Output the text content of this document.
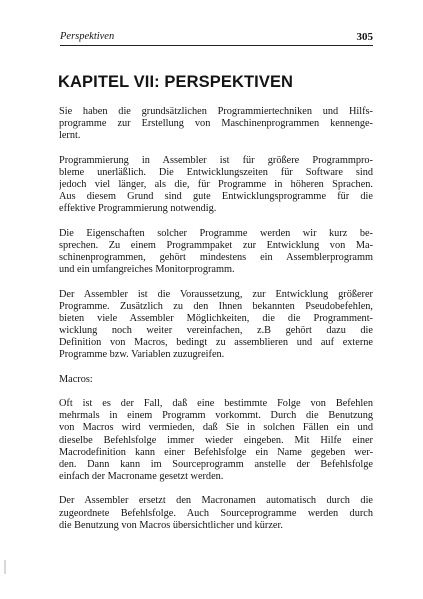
Perspektiven	305
KAPITEL VII: PERSPEKTIVEN

Sie haben die grundsätzlichen Programmiertechniken und Hilfs-
programme zur Erstellung von Maschinenprogrammen kennenge-
lernt.

Programmierung in Assembler ist für größere Programmpro-
bleme unerläßlich. Die Entwicklungszeiten für Software sind
jedoch viel länger, als die, für Programme in höheren Sprachen.
Aus diesem Grund sind gute Entwicklungsprogramme für die
effektive Programmierung notwendig.

Die Eigenschaften solcher Programme werden wir kurz be-
sprechen. Zu einem Programmpaket zur Entwicklung von Ma-
schinenprogrammen, gehört mindestens ein Assemblerprogramm
und ein umfangreiches Monitorprogramm.

Der Assembler ist die Voraussetzung, zur Entwicklung größerer
Programme. Zusätzlich zu den Ihnen bekannten Pseudobefehlen,
bieten viele Assembler Möglichkeiten, die die Programment-
wicklung noch weiter vereinfachen, z.B gehört dazu die
Definition von Macros, bedingt zu assemblieren und auf externe
Programme bzw. Variablen zuzugreifen.

Macros:

Oft ist es der Fall, daß eine bestimmte Folge von Befehlen
mehrmals in einem Programm vorkommt. Durch die Benutzung
von Macros wird vermieden, daß Sie in solchen Fällen ein und
dieselbe Befehlsfolge immer wieder eingeben. Mit Hilfe einer
Macrodefinition kann einer Befehlsfolge ein Name gegeben wer-
den. Dann kann im Sourceprogramm anstelle der Befehlsfolge
einfach der Macroname gesetzt werden.

Der Assembler ersetzt den Macronamen automatisch durch die
zugeordnete Befehlsfolge. Auch Sourceprogramme werden durch
die Benutzung von Macros übersichtlicher und kürzer.
